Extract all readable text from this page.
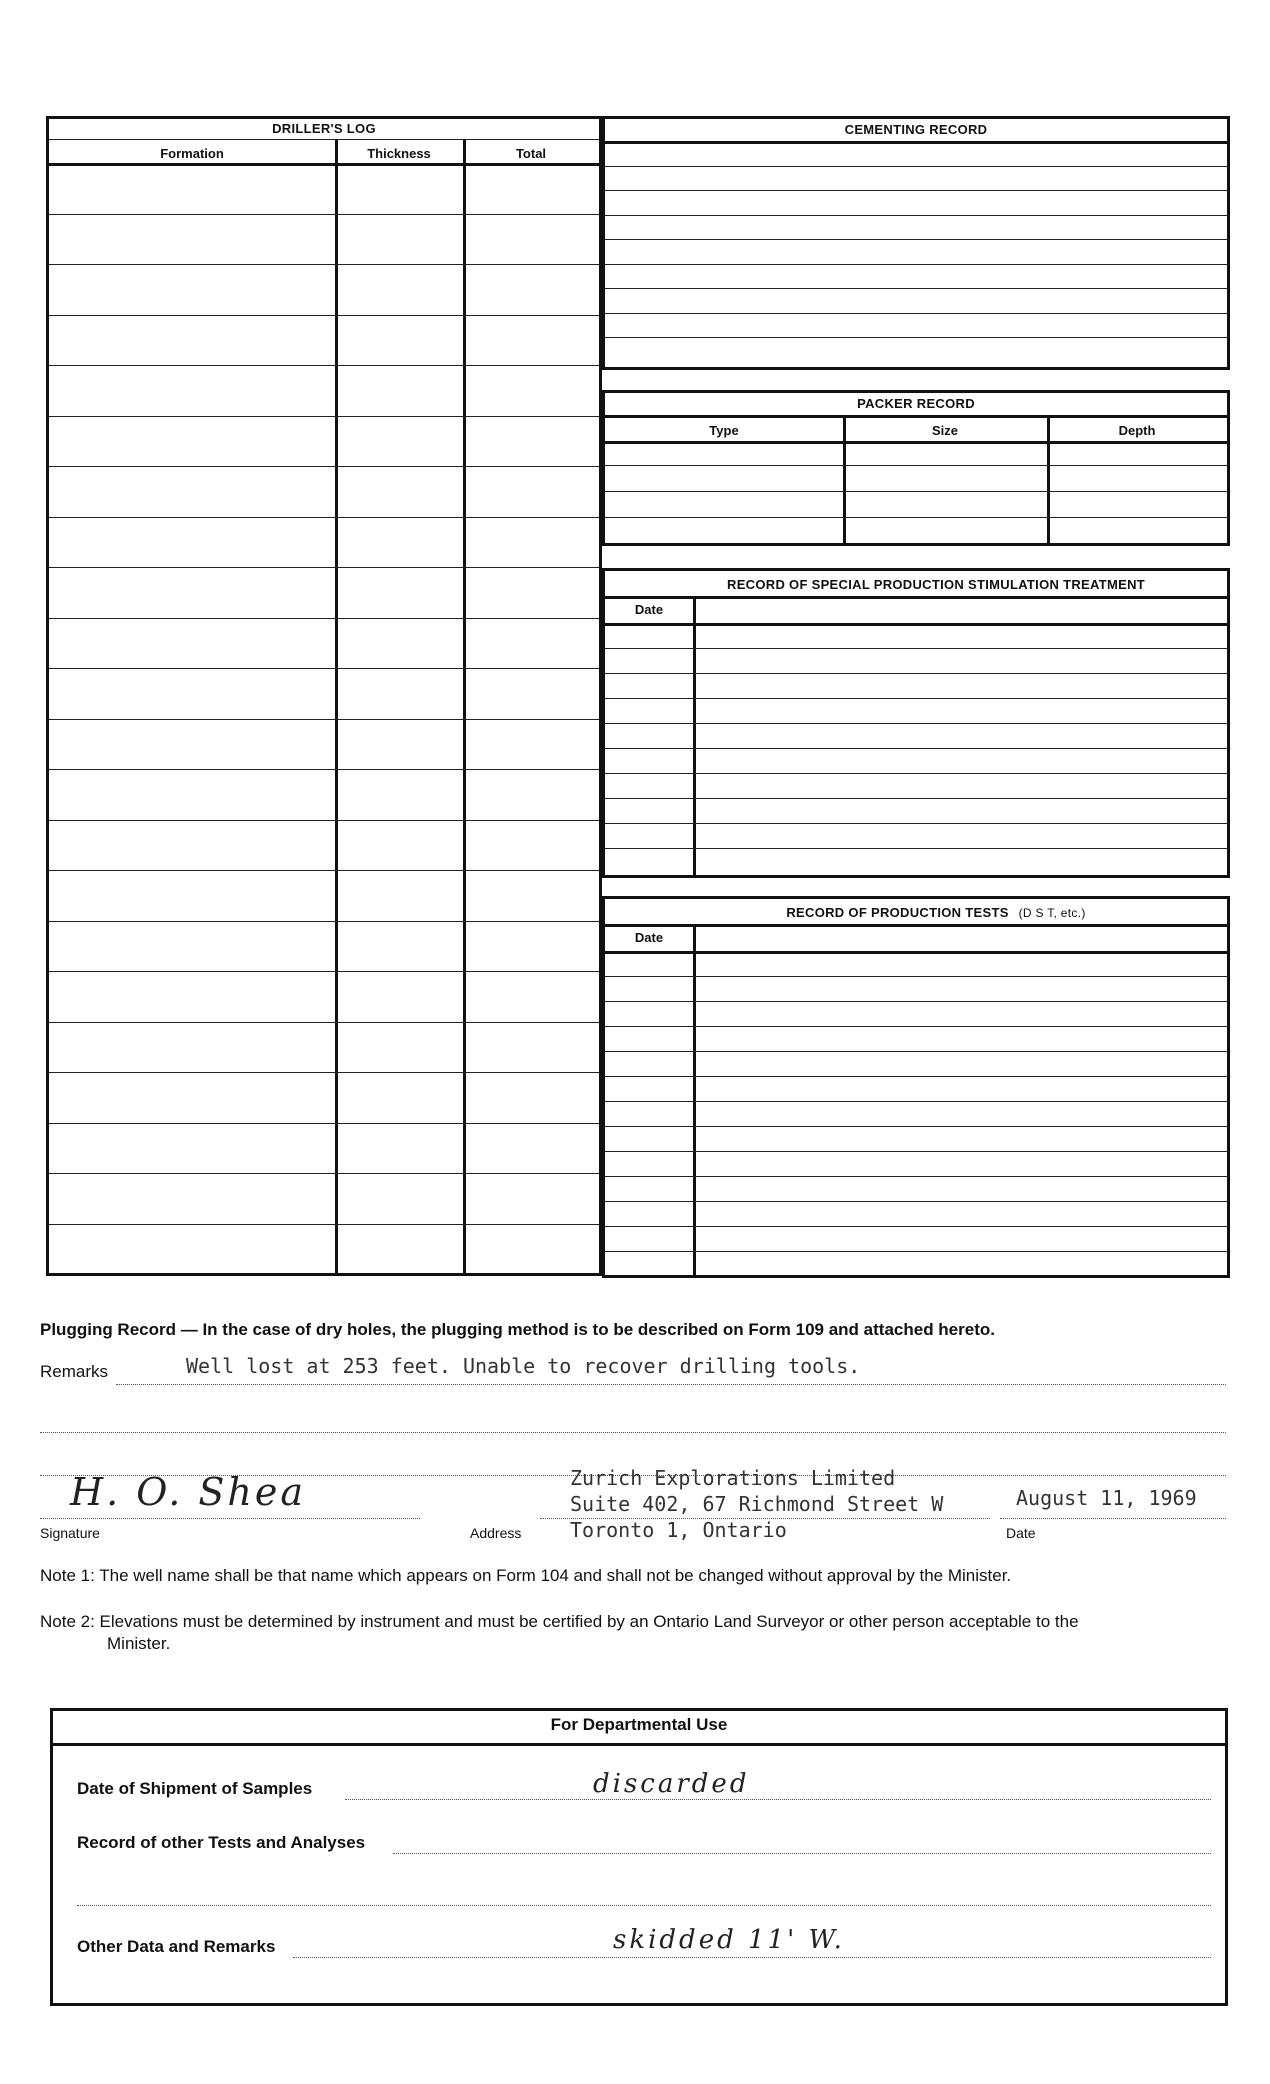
DRILLER'S LOG
Formation	Thickness	Total
CEMENTING RECORD
PACKER RECORD
Type	Size	Depth
RECORD OF SPECIAL PRODUCTION STIMULATION TREATMENT
Date
RECORD OF PRODUCTION TESTS (D S T, etc.)
Date
Plugging Record — In the case of dry holes, the plugging method is to be described on Form 109 and attached hereto.
Remarks	Well lost at 253 feet. Unable to recover drilling tools.
H. O. Shea
Signature
Zurich Explorations Limited
Suite 402, 67 Richmond Street W
Toronto 1, Ontario
Address
August 11, 1969
Date
Note 1: The well name shall be that name which appears on Form 104 and shall not be changed without approval by the Minister.
Note 2: Elevations must be determined by instrument and must be certified by an Ontario Land Surveyor or other person acceptable to the
Minister.
For Departmental Use
Date of Shipment of Samples	discarded
Record of other Tests and Analyses
Other Data and Remarks	skidded 11' W.
